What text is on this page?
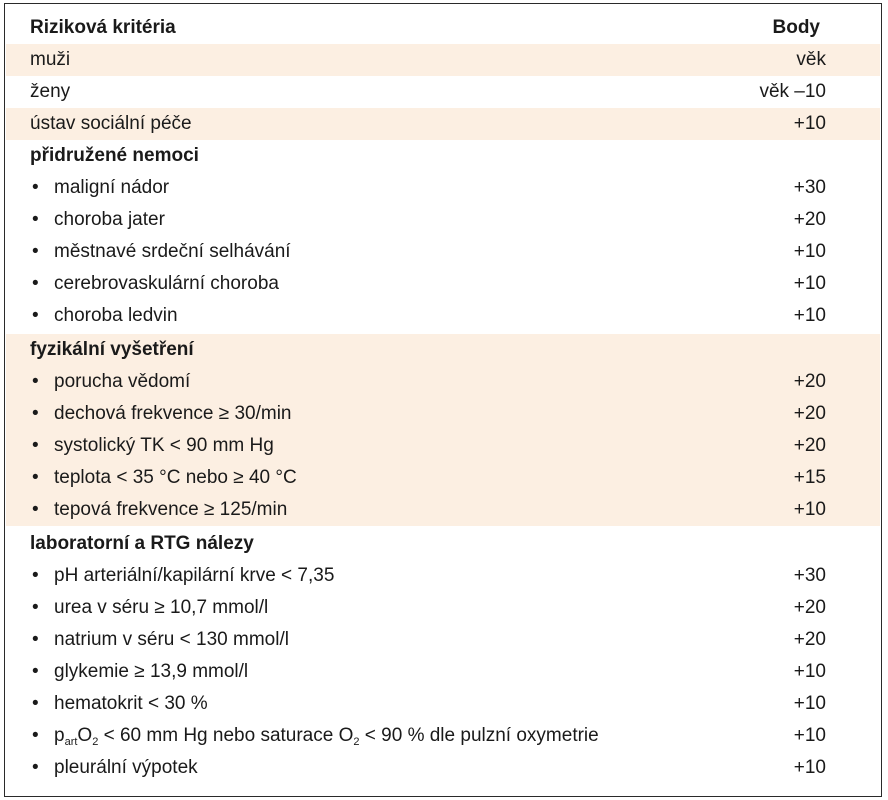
Riziková kritéria	Body
muži	věk
ženy	věk –10
ústav sociální péče	+10
přidružené nemoci
• maligní nádor	+30
• choroba jater	+20
• městnavé srdeční selhávání	+10
• cerebrovaskulární choroba	+10
• choroba ledvin	+10
fyzikální vyšetření
• porucha vědomí	+20
• dechová frekvence ≥ 30/min	+20
• systolický TK < 90 mm Hg	+20
• teplota < 35 °C nebo ≥ 40 °C	+15
• tepová frekvence ≥ 125/min	+10
laboratorní a RTG nálezy
• pH arteriální/kapilární krve < 7,35	+30
• urea v séru ≥ 10,7 mmol/l	+20
• natrium v séru < 130 mmol/l	+20
• glykemie ≥ 13,9 mmol/l	+10
• hematokrit < 30 %	+10
• $p_{art}O_2 < 60$ mm Hg nebo saturace $O_2 < 90$ % dle pulzní oxymetrie	+10
• pleurální výpotek	+10
